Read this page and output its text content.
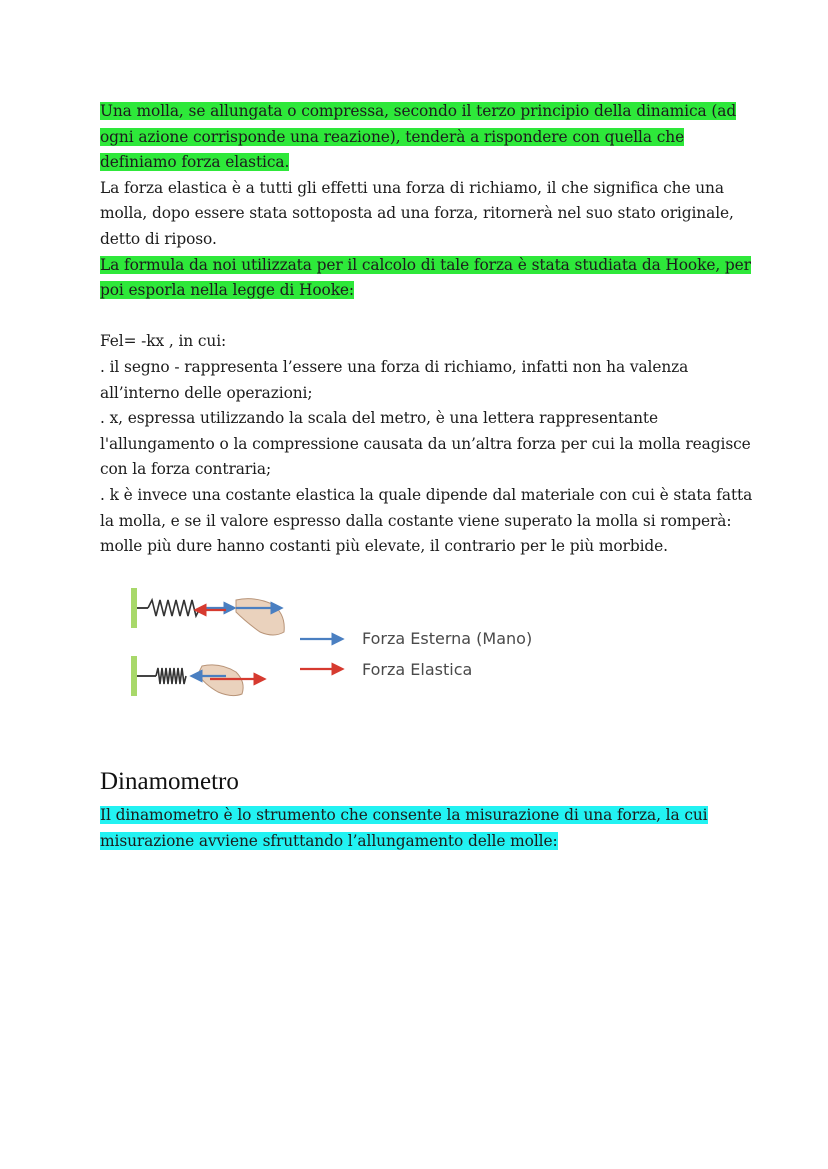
Una molla, se allungata o compressa, secondo il terzo principio della dinamica (ad
ogni azione corrisponde una reazione), tenderà a rispondere con quella che
definiamo forza elastica.
La forza elastica è a tutti gli effetti una forza di richiamo, il che significa che una
molla, dopo essere stata sottoposta ad una forza, ritornerà nel suo stato originale,
detto di riposo.
La formula da noi utilizzata per il calcolo di tale forza è stata studiata da Hooke, per
poi esporla nella legge di Hooke:
Fel= -kx , in cui:
. il segno - rappresenta l’essere una forza di richiamo, infatti non ha valenza
all’interno delle operazioni;
. x, espressa utilizzando la scala del metro, è una lettera rappresentante
l'allungamento o la compressione causata da un’altra forza per cui la molla reagisce
con la forza contraria;
. k è invece una costante elastica la quale dipende dal materiale con cui è stata fatta
la molla, e se il valore espresso dalla costante viene superato la molla si romperà:
molle più dure hanno costanti più elevate, il contrario per le più morbide.
Forza Esterna (Mano)
Forza Elastica
Dinamometro
Il dinamometro è lo strumento che consente la misurazione di una forza, la cui
misurazione avviene sfruttando l’allungamento delle molle:
